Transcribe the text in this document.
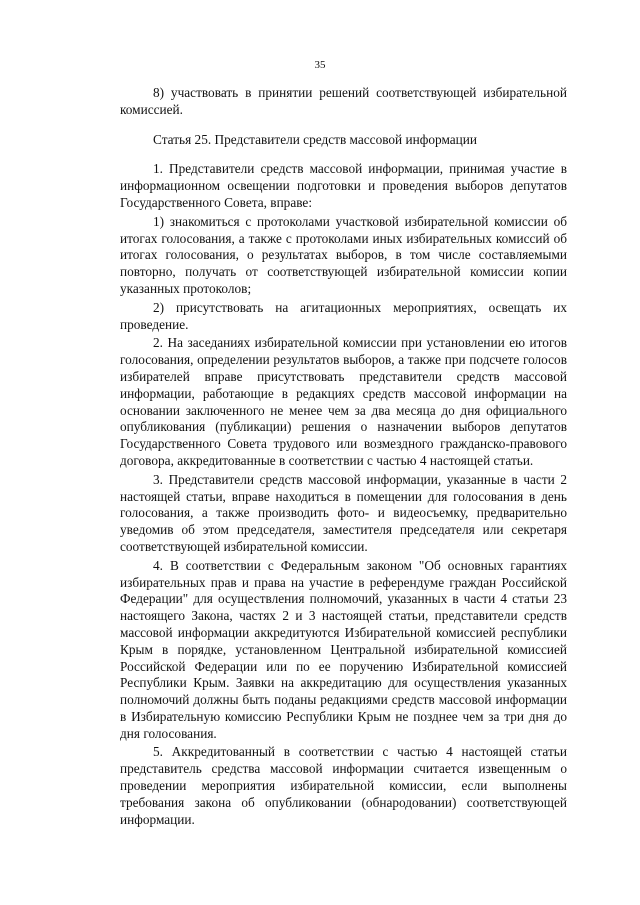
35

8) участвовать в принятии решений соответствующей избирательной комиссией.

Статья 25. Представители средств массовой информации

1. Представители средств массовой информации, принимая участие в информационном освещении подготовки и проведения выборов депутатов Государственного Совета, вправе:

1) знакомиться с протоколами участковой избирательной комиссии об итогах голосования, а также с протоколами иных избирательных комиссий об итогах голосования, о результатах выборов, в том числе составляемыми повторно, получать от соответствующей избирательной комиссии копии указанных протоколов;

2) присутствовать на агитационных мероприятиях, освещать их проведение.

2. На заседаниях избирательной комиссии при установлении ею итогов голосования, определении результатов выборов, а также при подсчете голосов избирателей вправе присутствовать представители средств массовой информации, работающие в редакциях средств массовой информации на основании заключенного не менее чем за два месяца до дня официального опубликования (публикации) решения о назначении выборов депутатов Государственного Совета трудового или возмездного гражданско-правового договора, аккредитованные в соответствии с частью 4 настоящей статьи.

3. Представители средств массовой информации, указанные в части 2 настоящей статьи, вправе находиться в помещении для голосования в день голосования, а также производить фото- и видеосъемку, предварительно уведомив об этом председателя, заместителя председателя или секретаря соответствующей избирательной комиссии.

4. В соответствии с Федеральным законом "Об основных гарантиях избирательных прав и права на участие в референдуме граждан Российской Федерации" для осуществления полномочий, указанных в части 4 статьи 23 настоящего Закона, частях 2 и 3 настоящей статьи, представители средств массовой информации аккредитуются Избирательной комиссией республики Крым в порядке, установленном Центральной избирательной комиссией Российской Федерации или по ее поручению Избирательной комиссией Республики Крым. Заявки на аккредитацию для осуществления указанных полномочий должны быть поданы редакциями средств массовой информации в Избирательную комиссию Республики Крым не позднее чем за три дня до дня голосования.

5. Аккредитованный в соответствии с частью 4 настоящей статьи представитель средства массовой информации считается извещенным о проведении мероприятия избирательной комиссии, если выполнены требования закона об опубликовании (обнародовании) соответствующей информации.
